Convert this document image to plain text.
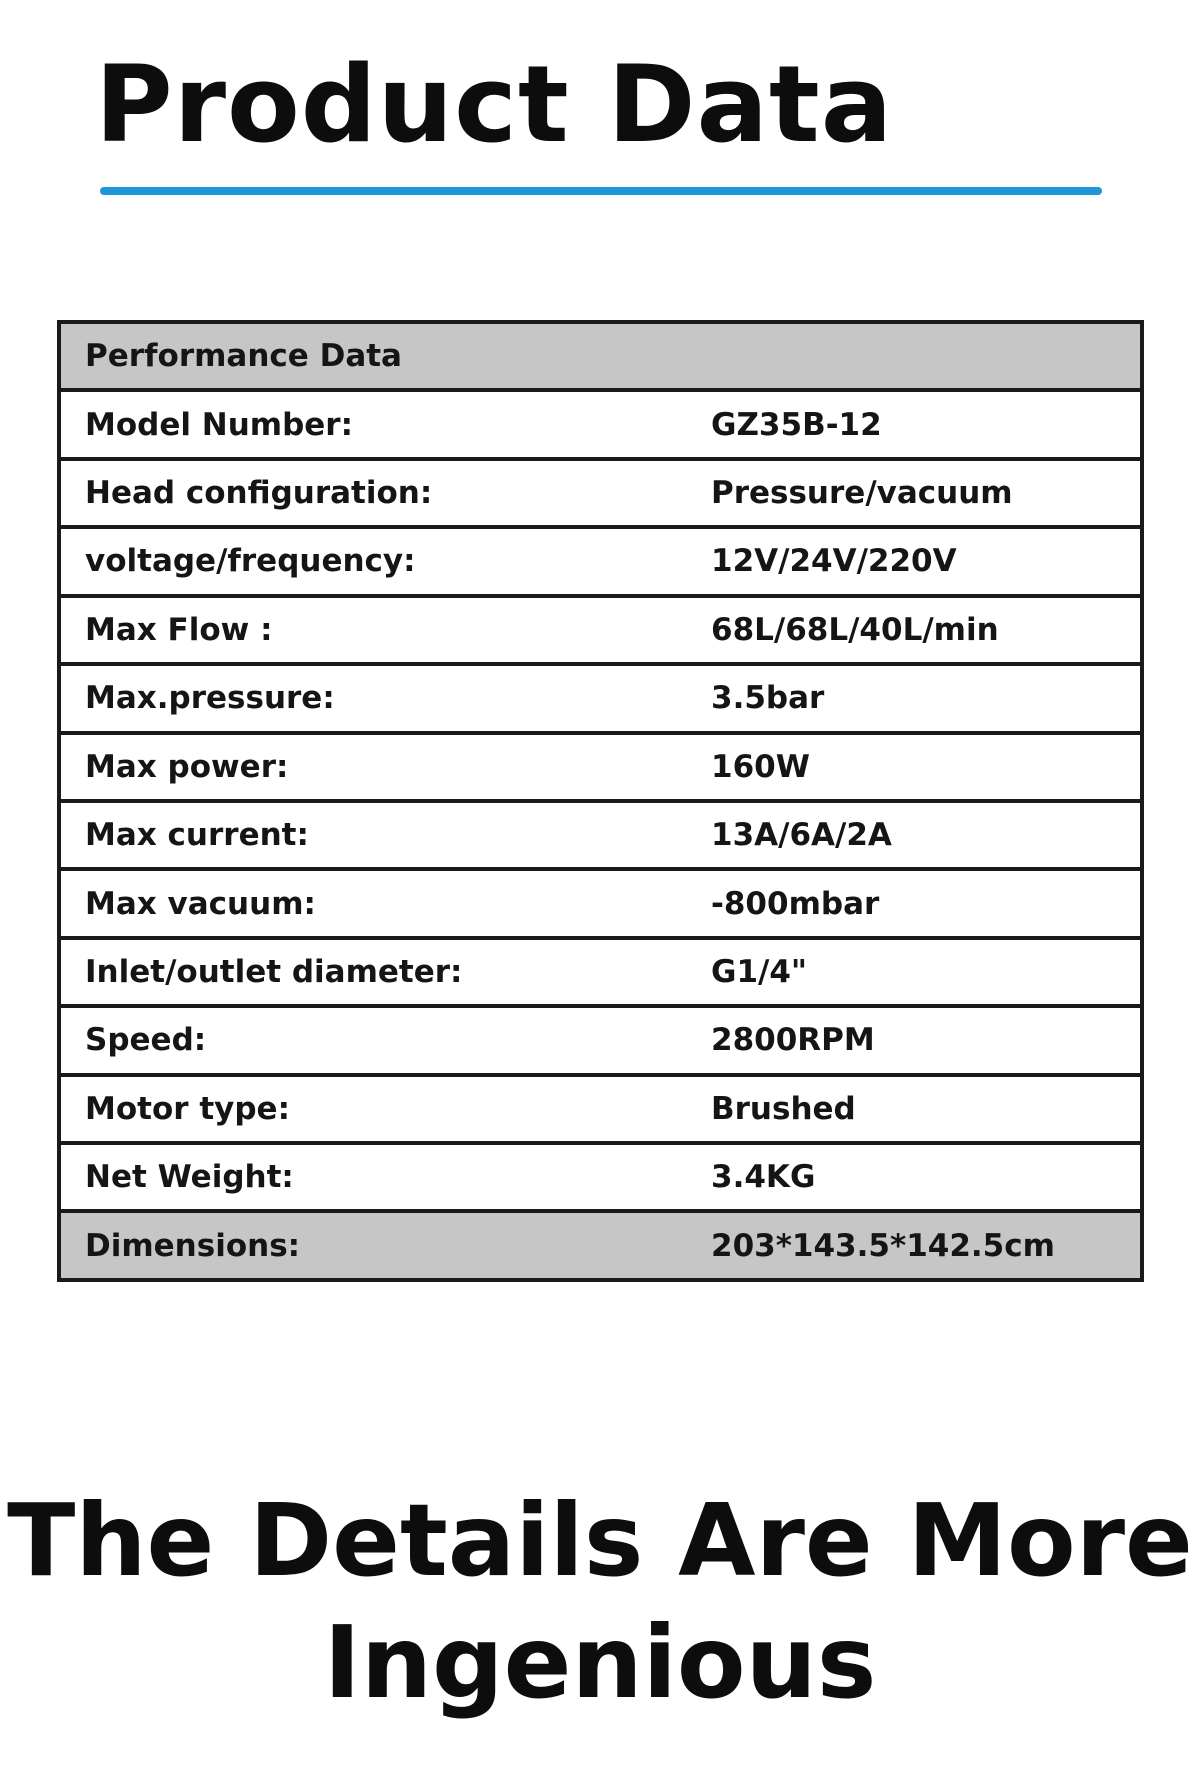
Product Data
Performance Data
Model Number:	GZ35B-12
Head configuration:	Pressure/vacuum
voltage/frequency:	12V/24V/220V
Max Flow :	68L/68L/40L/min
Max.pressure:	3.5bar
Max power:	160W
Max current:	13A/6A/2A
Max vacuum:	-800mbar
Inlet/outlet diameter:	G1/4"
Speed:	2800RPM
Motor type:	Brushed
Net Weight:	3.4KG
Dimensions:	203*143.5*142.5cm
The Details Are More
Ingenious
